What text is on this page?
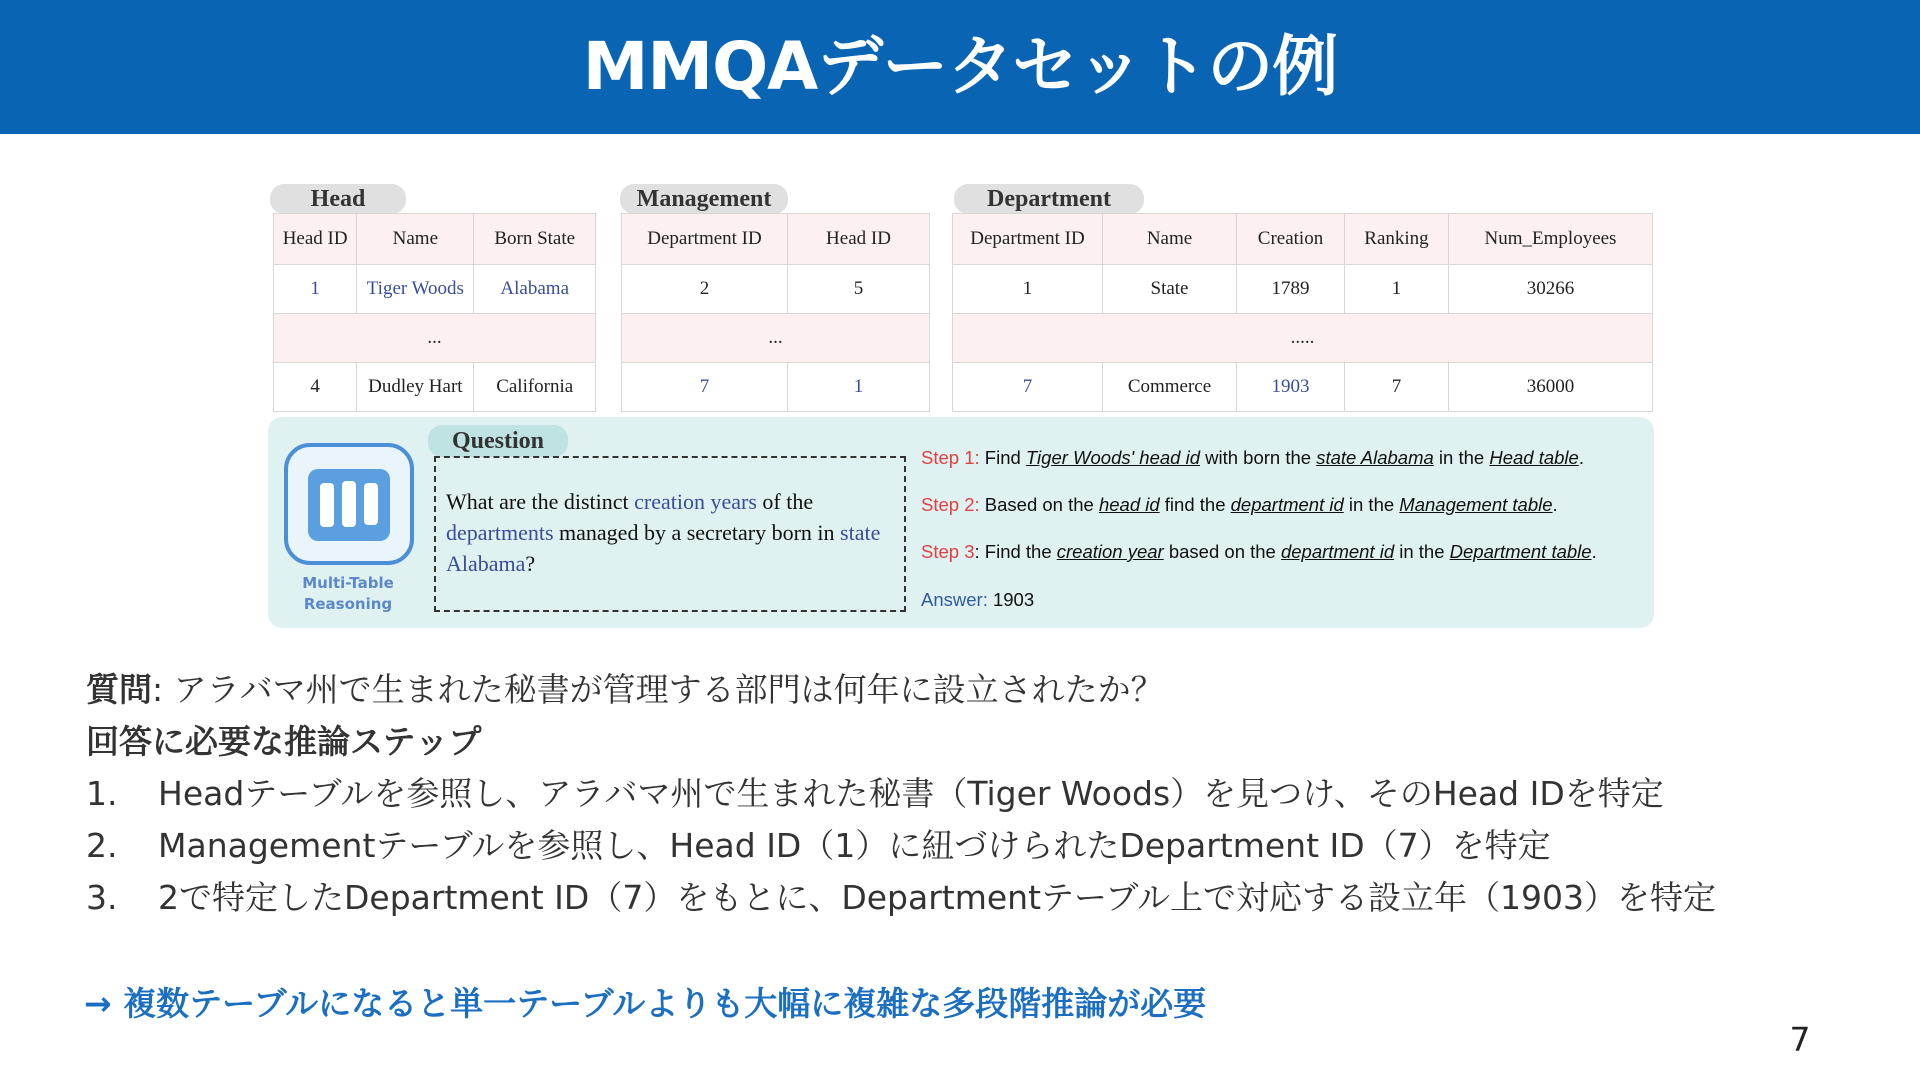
MMQAデータセットの例
Head
Head ID	Name	Born State
1	Tiger Woods	Alabama
...		
4	Dudley Hart	California
Management
Department ID	Head ID
2	5
...	
7	1
Department
Department ID	Name	Creation	Ranking	Num_Employees
1	State	1789	1	30266
.....				
7	Commerce	1903	7	36000
Multi-Table
Reasoning
Question
What are the distinct creation years of the departments managed by a secretary born in state Alabama?
Step 1: Find Tiger Woods' head id with born the state Alabama in the Head table.
Step 2: Based on the head id find the department id in the Management table.
Step 3: Find the creation year based on the department id in the Department table.
Answer: 1903
質問: アラバマ州で生まれた秘書が管理する部門は何年に設立されたか？
回答に必要な推論ステップ
1. Headテーブルを参照し、アラバマ州で生まれた秘書（Tiger Woods）を見つけ、そのHead IDを特定
2. Managementテーブルを参照し、Head ID（1）に紐づけられたDepartment ID（7）を特定
3. 2で特定したDepartment ID（7）をもとに、Departmentテーブル上で対応する設立年（1903）を特定
→ 複数テーブルになると単一テーブルよりも大幅に複雑な多段階推論が必要
7
